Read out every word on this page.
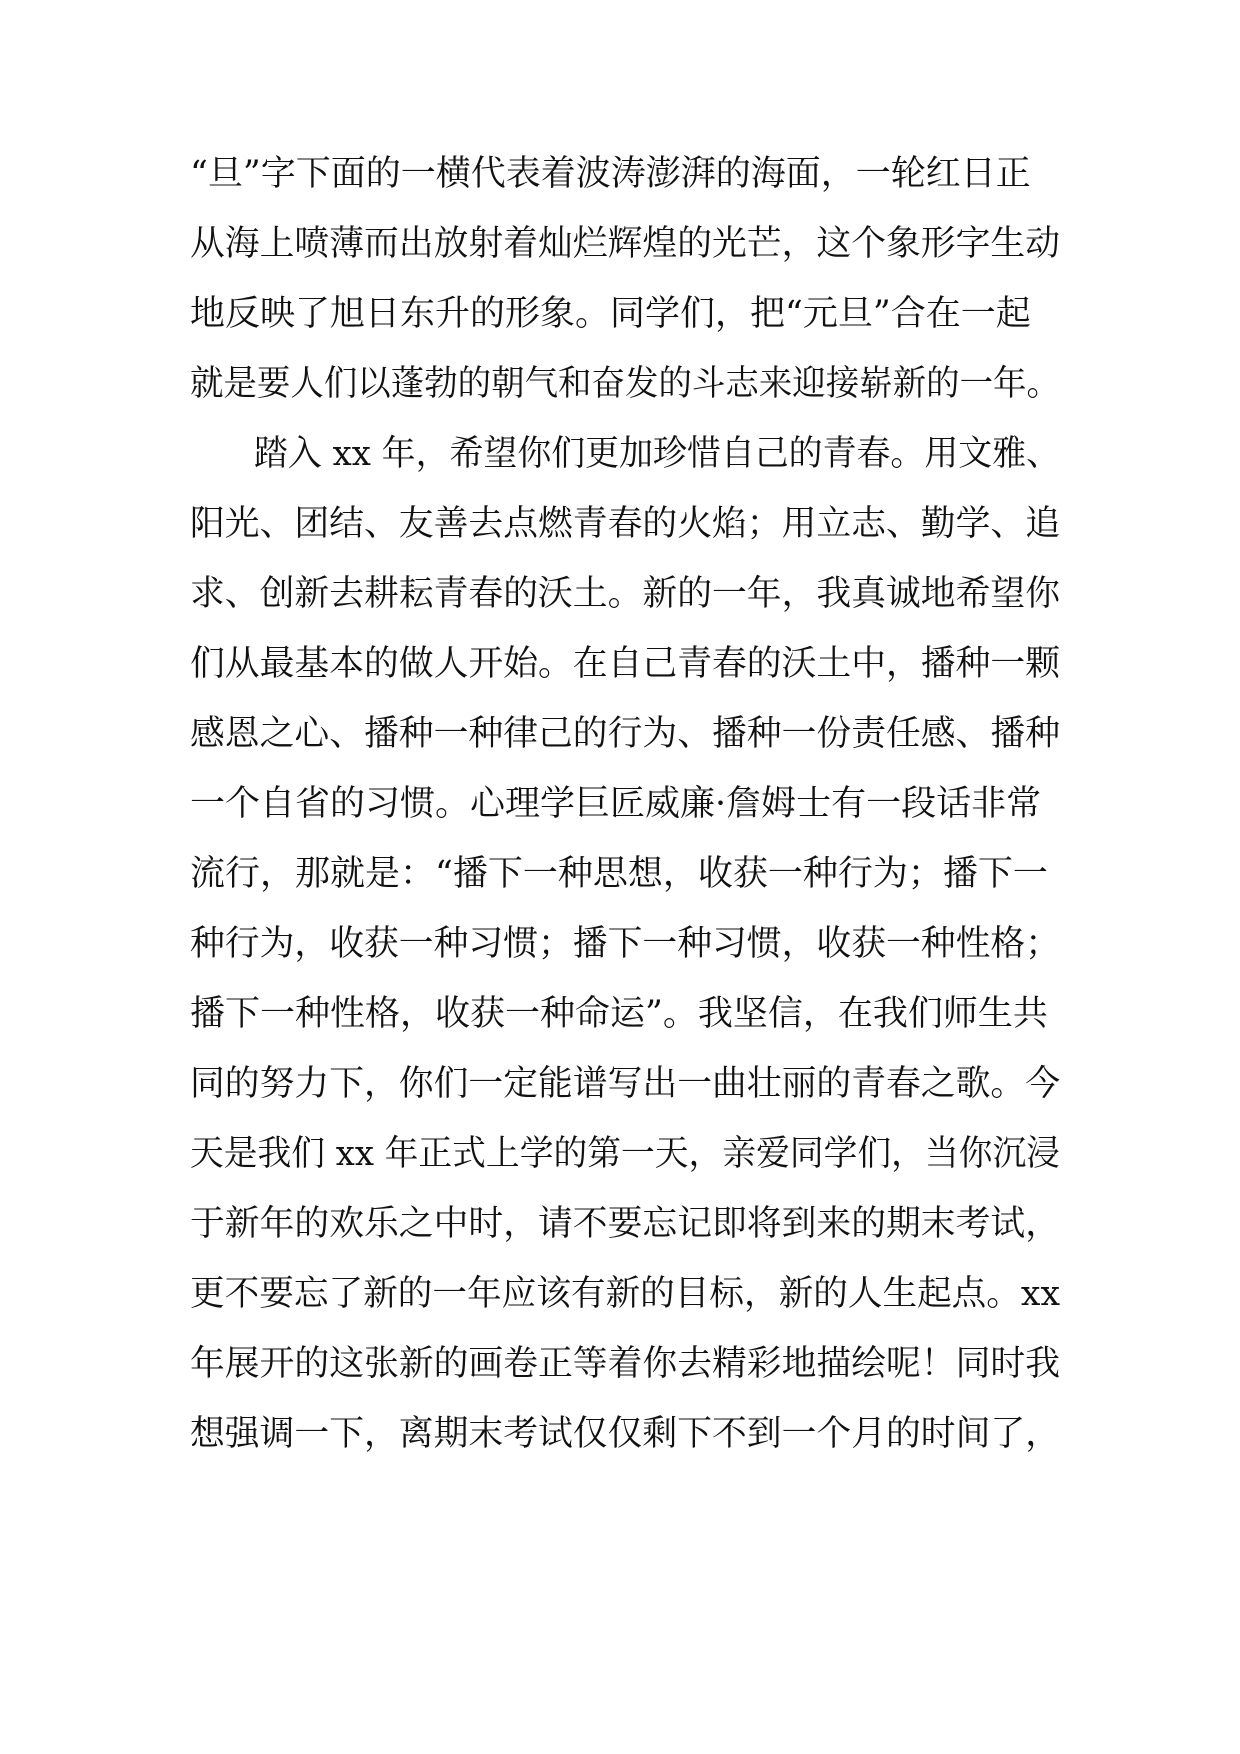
“旦”字下面的一横代表着波涛澎湃的海面，一轮红日正
从海上喷薄而出放射着灿烂辉煌的光芒，这个象形字生动
地反映了旭日东升的形象。同学们，把“元旦”合在一起
就是要人们以蓬勃的朝气和奋发的斗志来迎接崭新的一年。
踏入 xx 年，希望你们更加珍惜自己的青春。用文雅、
阳光、团结、友善去点燃青春的火焰；用立志、勤学、追
求、创新去耕耘青春的沃土。新的一年，我真诚地希望你
们从最基本的做人开始。在自己青春的沃土中，播种一颗
感恩之心、播种一种律己的行为、播种一份责任感、播种
一个自省的习惯。心理学巨匠威廉·詹姆士有一段话非常
流行，那就是：“播下一种思想，收获一种行为；播下一
种行为，收获一种习惯；播下一种习惯，收获一种性格；
播下一种性格，收获一种命运”。我坚信，在我们师生共
同的努力下，你们一定能谱写出一曲壮丽的青春之歌。今
天是我们 xx 年正式上学的第一天，亲爱同学们，当你沉浸
于新年的欢乐之中时，请不要忘记即将到来的期末考试，
更不要忘了新的一年应该有新的目标，新的人生起点。xx
年展开的这张新的画卷正等着你去精彩地描绘呢！同时我
想强调一下，离期末考试仅仅剩下不到一个月的时间了，
